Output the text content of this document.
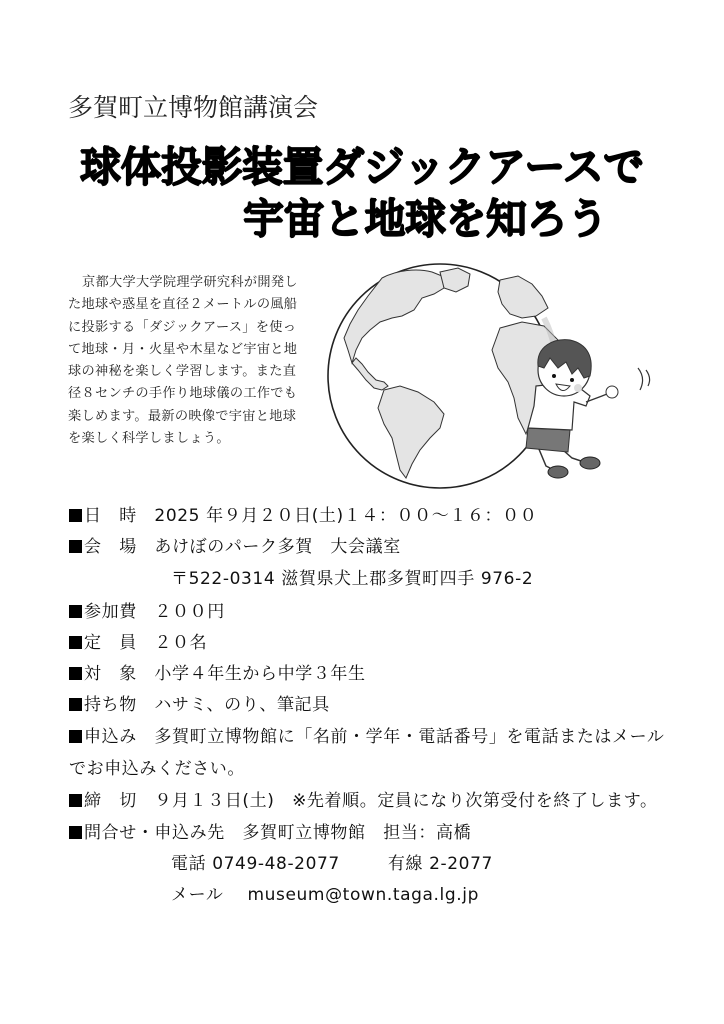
多賀町立博物館講演会
球体投影装置ダジックアースで
宇宙と地球を知ろう
京都大学大学院理学研究科が開発した地球や惑星を直径２メートルの風船に投影する「ダジックアース」を使って地球・月・火星や木星など宇宙と地球の神秘を楽しく学習します。また直径８センチの手作り地球儀の工作でも楽しめます。最新の映像で宇宙と地球を楽しく科学しましょう。
日　時　 2025 年９月２０日(土)１４：００〜１６：００
会　場　 あけぼのパーク多賀　大会議室
〒522-0314 滋賀県犬上郡多賀町四手 976-2
参加費　 ２００円
定　員　 ２０名
対　象　 小学４年生から中学３年生
持ち物　 ハサミ、のり、筆記具
申込み　 多賀町立博物館に「名前・学年・電話番号」を電話またはメール
でお申込みください。
締　切　 ９月１３日(土)　※先着順。定員になり次第受付を終了します。
問合せ・申込み先　 多賀町立博物館　担当：高橋
電話 0749-48-2077	有線 2-2077
メール museum@town.taga.lg.jp
